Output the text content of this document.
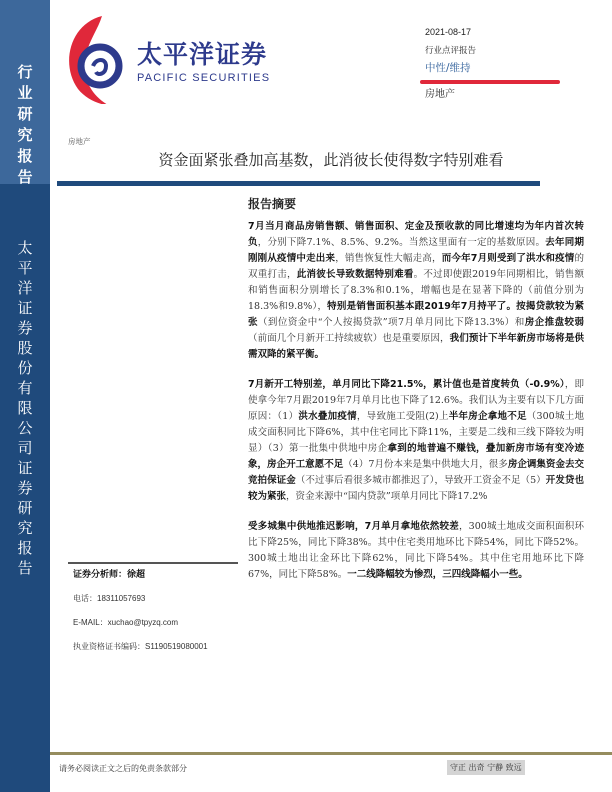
行
业
研
究
报
告
太
平
洋
证
券
股
份
有
限
公
司
证
券
研
究
报
告
太平洋证券
PACIFIC SECURITIES
2021-08-17
行业点评报告
中性/维持
房地产
房地产
资金面紧张叠加高基数，此消彼长使得数字特别难看
报告摘要
7月当月商品房销售额、销售面积、定金及预收款的同比增速均为年内首次转负，分别下降7.1%、8.5%、9.2%。当然这里面有一定的基数原因。去年同期刚刚从疫情中走出来，销售恢复性大幅走高，而今年7月则受到了洪水和疫情的双重打击，此消彼长导致数据特别难看。不过即使跟2019年同期相比，销售额和销售面积分别增长了8.3%和0.1%，增幅也是在显著下降的（前值分别为18.3%和9.8%），特别是销售面积基本跟2019年7月持平了。按揭贷款较为紧张（到位资金中“个人按揭贷款”项7月单月同比下降13.3%）和房企推盘较弱（前面几个月新开工持续疲软）也是重要原因，我们预计下半年新房市场将是供需双降的紧平衡。
7月新开工特别差，单月同比下降21.5%，累计值也是首度转负（-0.9%），即使拿今年7月跟2019年7月单月比也下降了12.6%。我们认为主要有以下几方面原因：（1）洪水叠加疫情，导致施工受阻(2)上半年房企拿地不足（300城土地成交面积同比下降6%，其中住宅同比下降11%，主要是二线和三线下降较为明显）（3）第一批集中供地中房企拿到的地普遍不赚钱，叠加新房市场有变冷迹象，房企开工意愿不足（4）7月份本来是集中供地大月，很多房企调集资金去交竞拍保证金（不过事后看很多城市都推迟了），导致开工资金不足（5）开发贷也较为紧张，资金来源中“国内贷款”项单月同比下降17.2%
受多城集中供地推迟影响，7月单月拿地依然较差，300城土地成交面积面积环比下降25%，同比下降38%。其中住宅类用地环比下降54%，同比下降52%。300城土地出让金环比下降62%，同比下降54%。其中住宅用地环比下降67%，同比下降58%。一二线降幅较为惨烈，三四线降幅小一些。
证券分析师：徐超
电话：18311057693
E-MAIL：xuchao@tpyzq.com
执业资格证书编码：S1190519080001
请务必阅读正文之后的免责条款部分	守正 出奇 宁静 致远
